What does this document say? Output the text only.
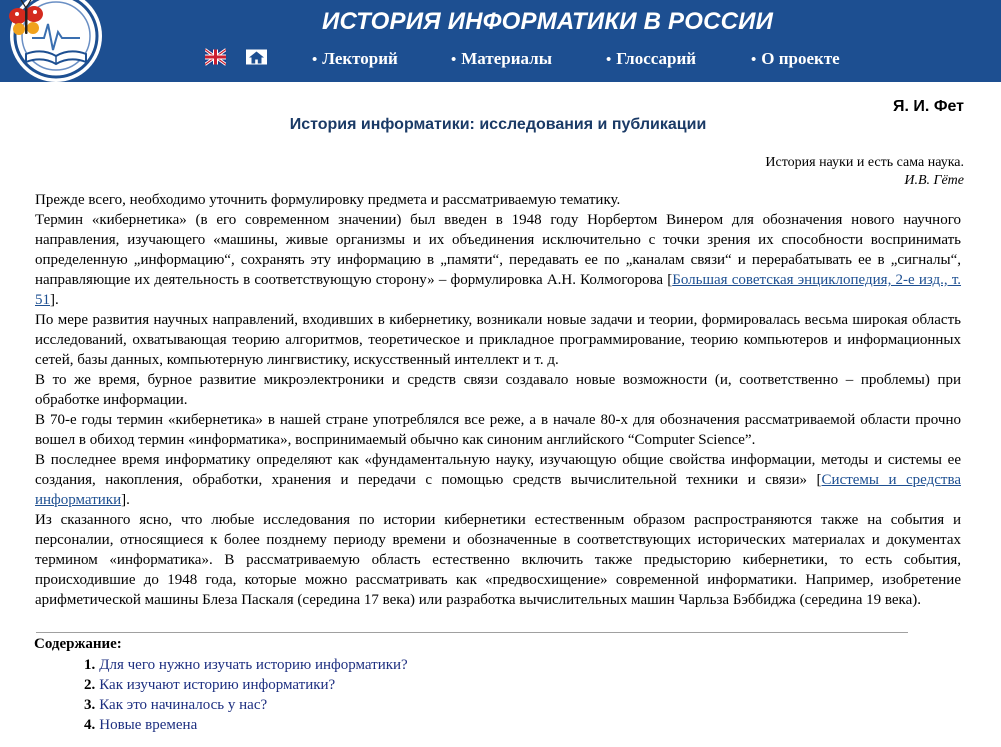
ИСТОРИЯ ИНФОРМАТИКИ В РОССИИ
• Лекторий	• Материалы	• Глоссарий	• О проекте
Я. И. Фет
История информатики: исследования и публикации
История науки и есть сама наука.
И.В. Гёте

Прежде всего, необходимо уточнить формулировку предмета и рассматриваемую тематику.

Термин «кибернетика» (в его современном значении) был введен в 1948 году Норбертом Винером для обозначения нового научного направления, изучающего «машины, живые организмы и их объединения исключительно с точки зрения их способности воспринимать определенную „информацию“, сохранять эту информацию в „памяти“, передавать ее по „каналам связи“ и перерабатывать ее в „сигналы“, направляющие их деятельность в соответствующую сторону» – формулировка А.Н. Колмогорова [Большая советская энциклопедия, 2-е изд., т. 51].

По мере развития научных направлений, входивших в кибернетику, возникали новые задачи и теории, формировалась весьма широкая область исследований, охватывающая теорию алгоритмов, теоретическое и прикладное программирование, теорию компьютеров и информационных сетей, базы данных, компьютерную лингвистику, искусственный интеллект и т. д.

В то же время, бурное развитие микроэлектроники и средств связи создавало новые возможности (и, соответственно – проблемы) при обработке информации.

В 70-е годы термин «кибернетика» в нашей стране употреблялся все реже, а в начале 80-х для обозначения рассматриваемой области прочно вошел в обиход термин «информатика», воспринимаемый обычно как синоним английского “Computer Science”.

В последнее время информатику определяют как «фундаментальную науку, изучающую общие свойства информации, методы и системы ее создания, накопления, обработки, хранения и передачи с помощью средств вычислительной техники и связи» [Системы и средства информатики].

Из сказанного ясно, что любые исследования по истории кибернетики естественным образом распространяются также на события и персоналии, относящиеся к более позднему периоду времени и обозначенные в соответствующих исторических материалах и документах термином «информатика». В рассматриваемую область естественно включить также предысторию кибернетики, то есть события, происходившие до 1948 года, которые можно рассматривать как «предвосхищение» современной информатики. Например, изобретение арифметической машины Блеза Паскаля (середина 17 века) или разработка вычислительных машин Чарльза Бэббиджа (середина 19 века).

Содержание:
1. Для чего нужно изучать историю информатики?
2. Как изучают историю информатики?
3. Как это начиналось у нас?
4. Новые времена
